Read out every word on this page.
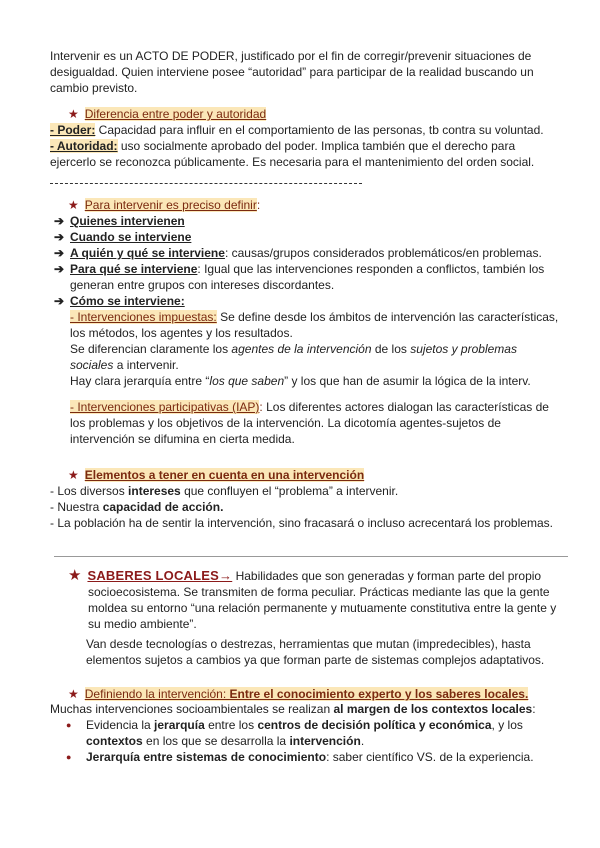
Intervenir es un ACTO DE PODER, justificado por el fin de corregir/prevenir situaciones de desigualdad. Quien interviene posee “autoridad” para participar de la realidad buscando un cambio previsto.

★ Diferencia entre poder y autoridad

- Poder: Capacidad para influir en el comportamiento de las personas, tb contra su voluntad.

- Autoridad: uso socialmente aprobado del poder. Implica también que el derecho para ejercerlo se reconozca públicamente. Es necesaria para el mantenimiento del orden social.

★ Para intervenir es preciso definir:

➔ Quienes intervienen

➔ Cuando se interviene

➔ A quién y qué se interviene: causas/grupos considerados problemáticos/en problemas.

➔ Para qué se interviene: Igual que las intervenciones responden a conflictos, también los generan entre grupos con intereses discordantes.

➔ Cómo se interviene:

- Intervenciones impuestas: Se define desde los ámbitos de intervención las características, los métodos, los agentes y los resultados.

Se diferencian claramente los agentes de la intervención de los sujetos y problemas sociales a intervenir.

Hay clara jerarquía entre “los que saben” y los que han de asumir la lógica de la interv.

- Intervenciones participativas (IAP): Los diferentes actores dialogan las características de los problemas y los objetivos de la intervención. La dicotomía agentes-sujetos de intervención se difumina en cierta medida.

★ Elementos a tener en cuenta en una intervención

- Los diversos intereses que confluyen el “problema” a intervenir.

- Nuestra capacidad de acción.

- La población ha de sentir la intervención, sino fracasará o incluso acrecentará los problemas.

★ SABERES LOCALES→ Habilidades que son generadas y forman parte del propio socioecosistema. Se transmiten de forma peculiar. Prácticas mediante las que la gente moldea su entorno “una relación permanente y mutuamente constitutiva entre la gente y su medio ambiente”.

Van desde tecnologías o destrezas, herramientas que mutan (impredecibles), hasta elementos sujetos a cambios ya que forman parte de sistemas complejos adaptativos.

★ Definiendo la intervención: Entre el conocimiento experto y los saberes locales.

Muchas intervenciones socioambientales se realizan al margen de los contextos locales:

● Evidencia la jerarquía entre los centros de decisión política y económica, y los contextos en los que se desarrolla la intervención.

● Jerarquía entre sistemas de conocimiento: saber científico VS. de la experiencia.
